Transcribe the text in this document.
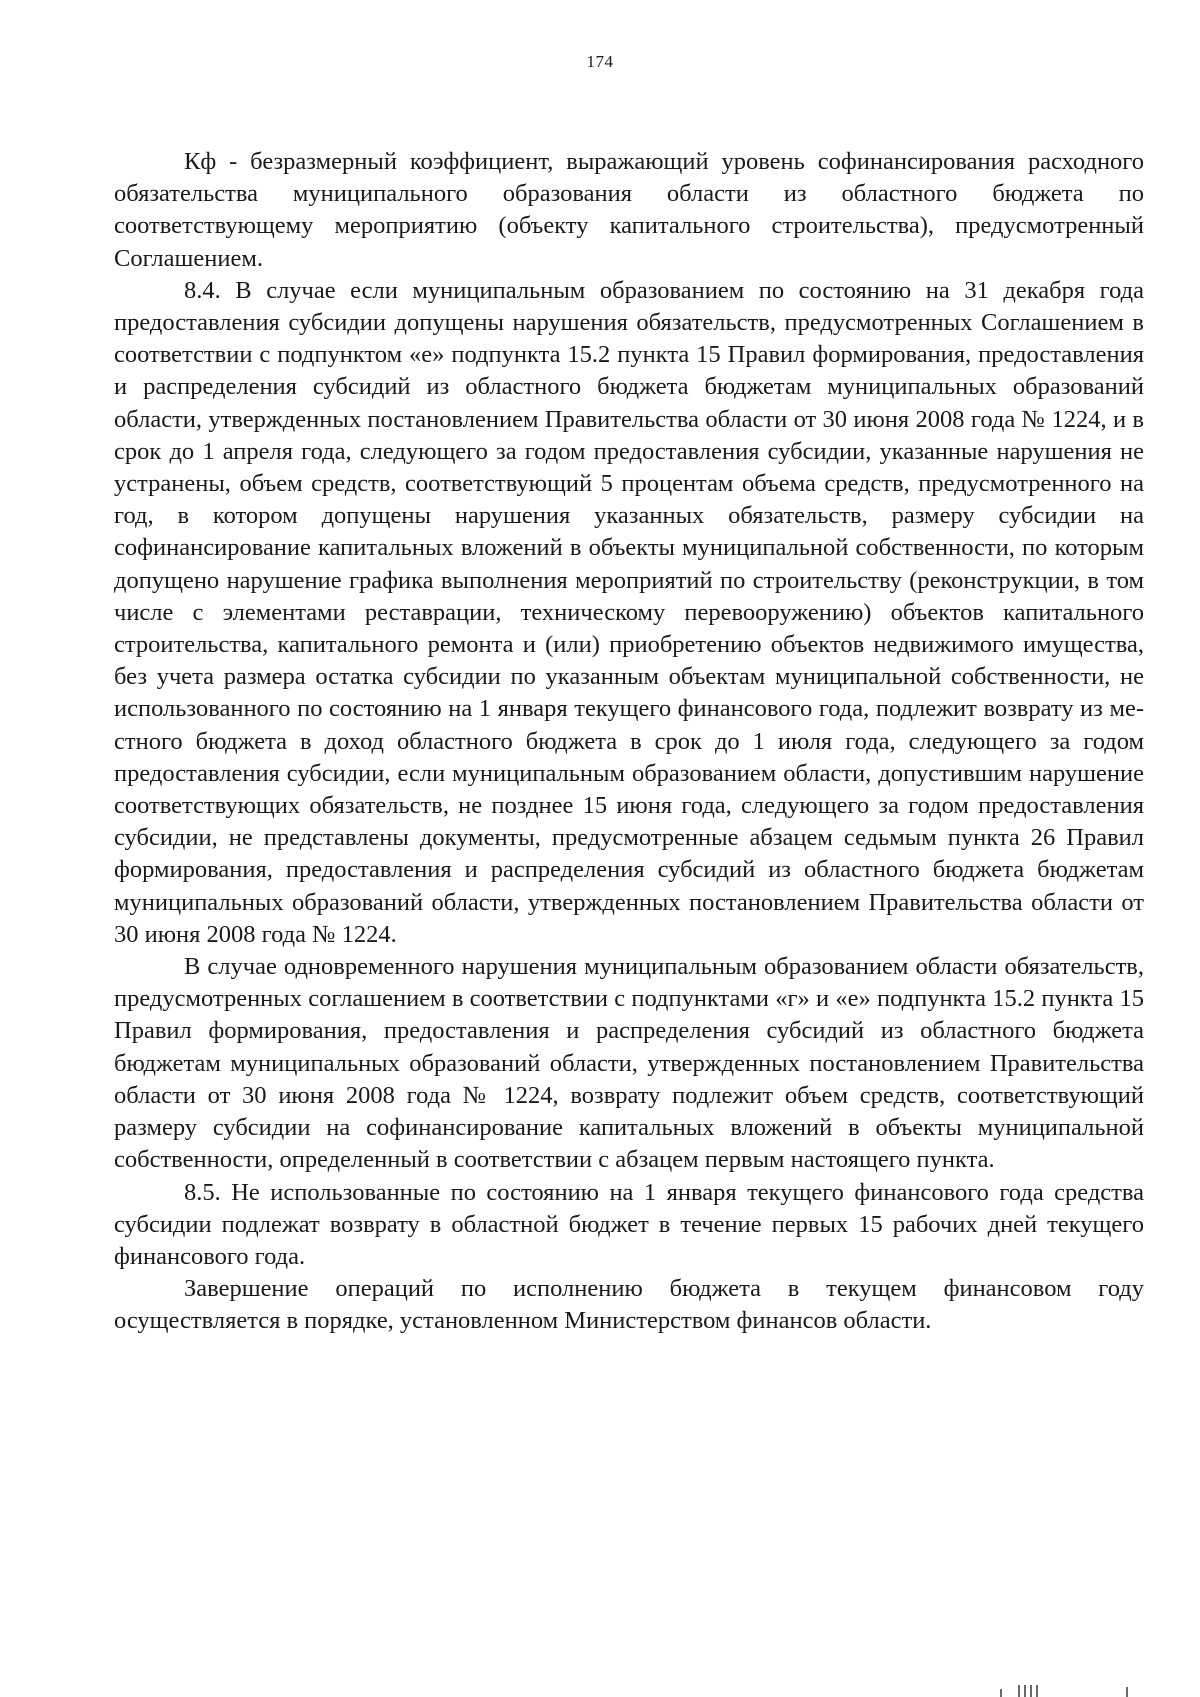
174

Кф - безразмерный коэффициент, выражающий уровень софинансирования расходного обязательства муниципального образования области из областного бюджета по соответствующему мероприятию (объекту капитального строительства), предусмотренный Соглашением.

8.4. В случае если муниципальным образованием по состоянию на 31 декабря года предоставления субсидии допущены нарушения обязательств, предусмотренных Соглашением в соответствии с подпунктом «е» подпункта 15.2 пункта 15 Правил формирования, предоставления и распределения субсидий из областного бюджета бюджетам муниципальных образований области, утвержденных постановлением Правительства области от 30 июня 2008 года № 1224, и в срок до 1 апреля года, следующего за годом предоставления субсидии, указанные нарушения не устранены, объем средств, соответствующий 5 процентам объема средств, предусмотренного на год, в котором допущены нарушения указанных обязательств, размеру субсидии на софинансирование капитальных вложений в объекты муниципальной собственности, по которым допущено нарушение графика выполнения мероприятий по строительству (реконструкции, в том числе с элементами реставрации, техническому перевооружению) объектов капитального строительства, капитального ремонта и (или) приобретению объектов недвижимого имущества, без учета размера остатка субсидии по указанным объектам муниципальной собственности, не использованного по состоянию на 1 января текущего финансового года, подлежит возврату из местного бюджета в доход областного бюджета в срок до 1 июля года, следующего за годом предоставления субсидии, если муниципальным образованием области, допустившим нарушение соответствующих обязательств, не позднее 15 июня года, следующего за годом предоставления субсидии, не представлены документы, предусмотренные абзацем седьмым пункта 26 Правил формирования, предоставления и распределения субсидий из областного бюджета бюджетам муниципальных образований области, утвержденных постановлением Правительства области от 30 июня 2008 года № 1224.

В случае одновременного нарушения муниципальным образованием области обязательств, предусмотренных соглашением в соответствии с подпунктами «г» и «е» подпункта 15.2 пункта 15 Правил формирования, предоставления и распределения субсидий из областного бюджета бюджетам муниципальных образований области, утвержденных постановлением Правительства области от 30 июня 2008 года № 1224, возврату подлежит объем средств, соответствующий размеру субсидии на софинансирование капитальных вложений в объекты муниципальной собственности, определенный в соответствии с абзацем первым настоящего пункта.

8.5. Не использованные по состоянию на 1 января текущего финансового года средства субсидии подлежат возврату в областной бюджет в течение первых 15 рабочих дней текущего финансового года.

Завершение операций по исполнению бюджета в текущем финансовом году осуществляется в порядке, установленном Министерством финансов области.
